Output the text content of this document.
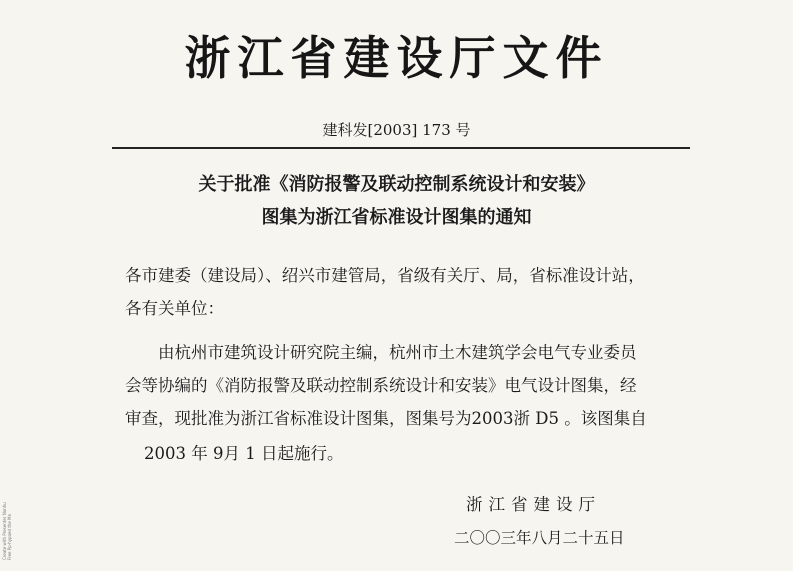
浙江省建设厅文件
建科发[2003] 173 号
关于批准《消防报警及联动控制系统设计和安装》
图集为浙江省标准设计图集的通知
各市建委（建设局）、绍兴市建管局，省级有关厅、局，省标准设计站，
各有关单位：
由杭州市建筑设计研究院主编，杭州市土木建筑学会电气专业委员
会等协编的《消防报警及联动控制系统设计和安装》电气设计图集，经
审查，现批准为浙江省标准设计图集，图集号为2003浙 D5 。该图集自
2003 年 9月 1 日起施行。
浙江省建设厅
二〇〇三年八月二十五日
Create with Presenter Nonhu Free Pp-hypoed the Mn
